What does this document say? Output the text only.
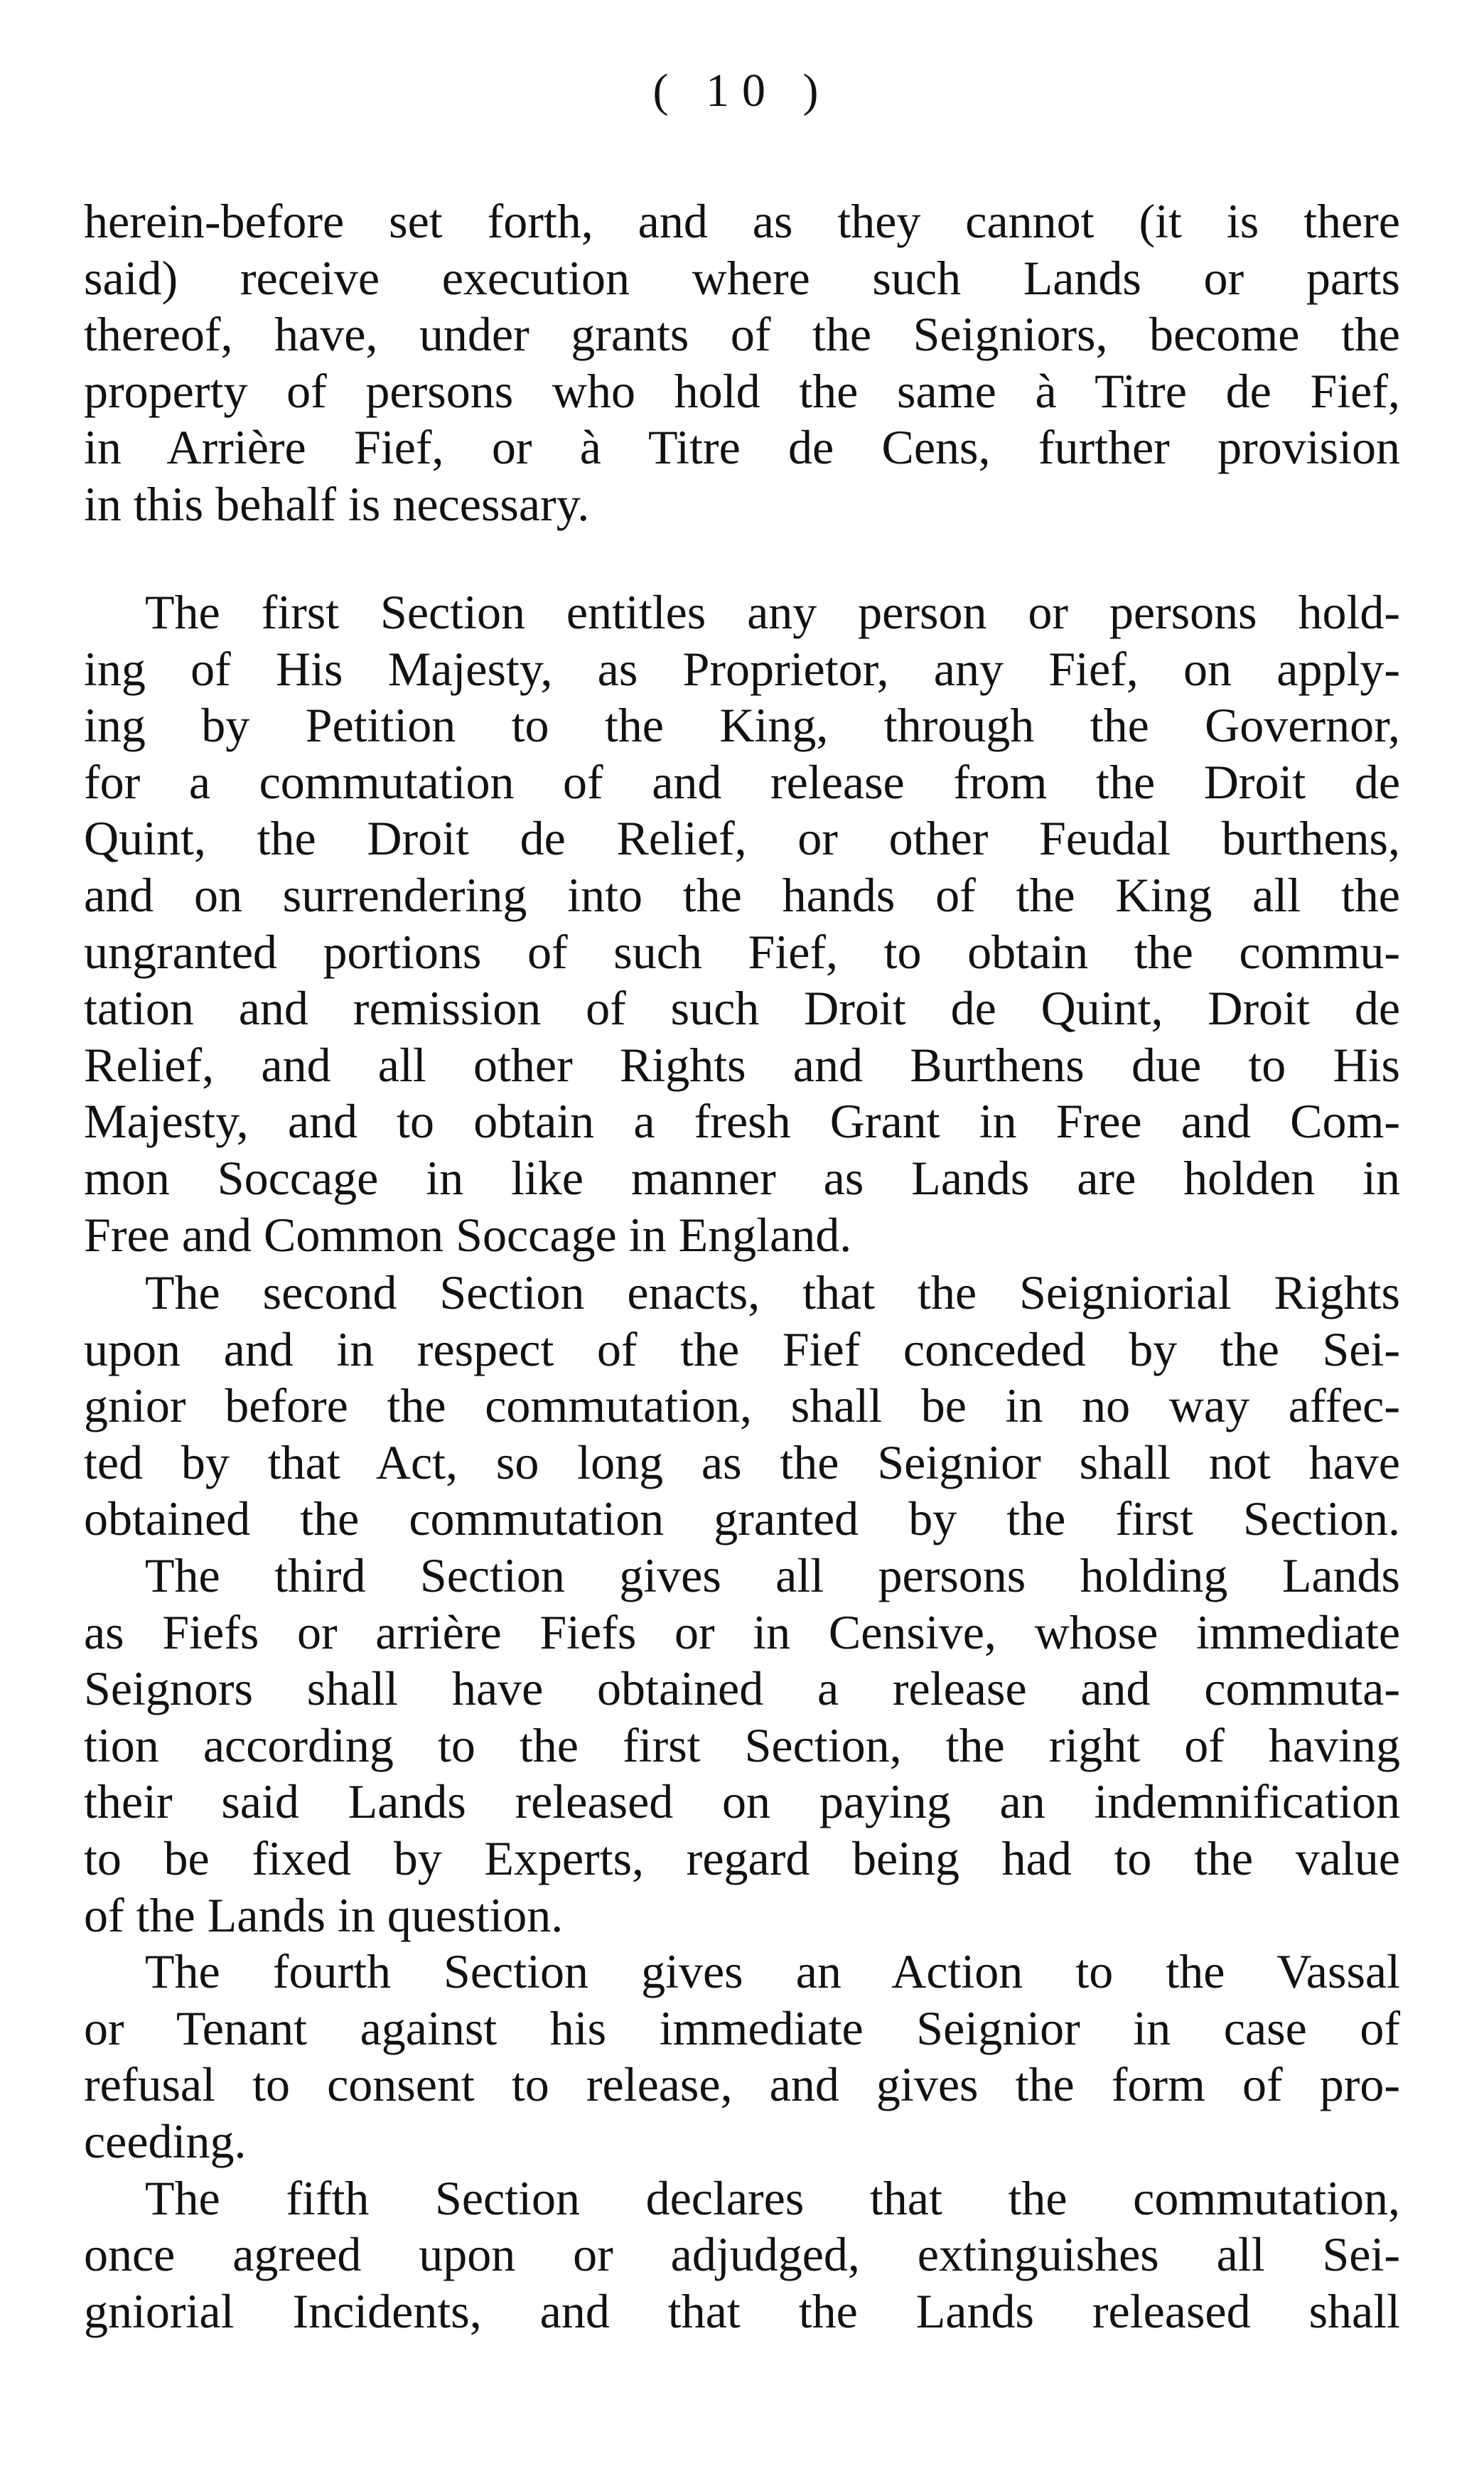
( 10 )
herein-before set forth, and as they cannot (it is there
said) receive execution where such Lands or parts
thereof, have, under grants of the Seigniors, become the
property of persons who hold the same à Titre de Fief,
in Arrière Fief, or à Titre de Cens, further provision
in this behalf is necessary.
The first Section entitles any person or persons hold-
ing of His Majesty, as Proprietor, any Fief, on apply-
ing by Petition to the King, through the Governor,
for a commutation of and release from the Droit de
Quint, the Droit de Relief, or other Feudal burthens,
and on surrendering into the hands of the King all the
ungranted portions of such Fief, to obtain the commu-
tation and remission of such Droit de Quint, Droit de
Relief, and all other Rights and Burthens due to His
Majesty, and to obtain a fresh Grant in Free and Com-
mon Soccage in like manner as Lands are holden in
Free and Common Soccage in England.
The second Section enacts, that the Seigniorial Rights
upon and in respect of the Fief conceded by the Sei-
gnior before the commutation, shall be in no way affec-
ted by that Act, so long as the Seignior shall not have
obtained the commutation granted by the first Section.
The third Section gives all persons holding Lands
as Fiefs or arrière Fiefs or in Censive, whose immediate
Seignors shall have obtained a release and commuta-
tion according to the first Section, the right of having
their said Lands released on paying an indemnification
to be fixed by Experts, regard being had to the value
of the Lands in question.
The fourth Section gives an Action to the Vassal
or Tenant against his immediate Seignior in case of
refusal to consent to release, and gives the form of pro-
ceeding.
The fifth Section declares that the commutation,
once agreed upon or adjudged, extinguishes all Sei-
gniorial Incidents, and that the Lands released shall
